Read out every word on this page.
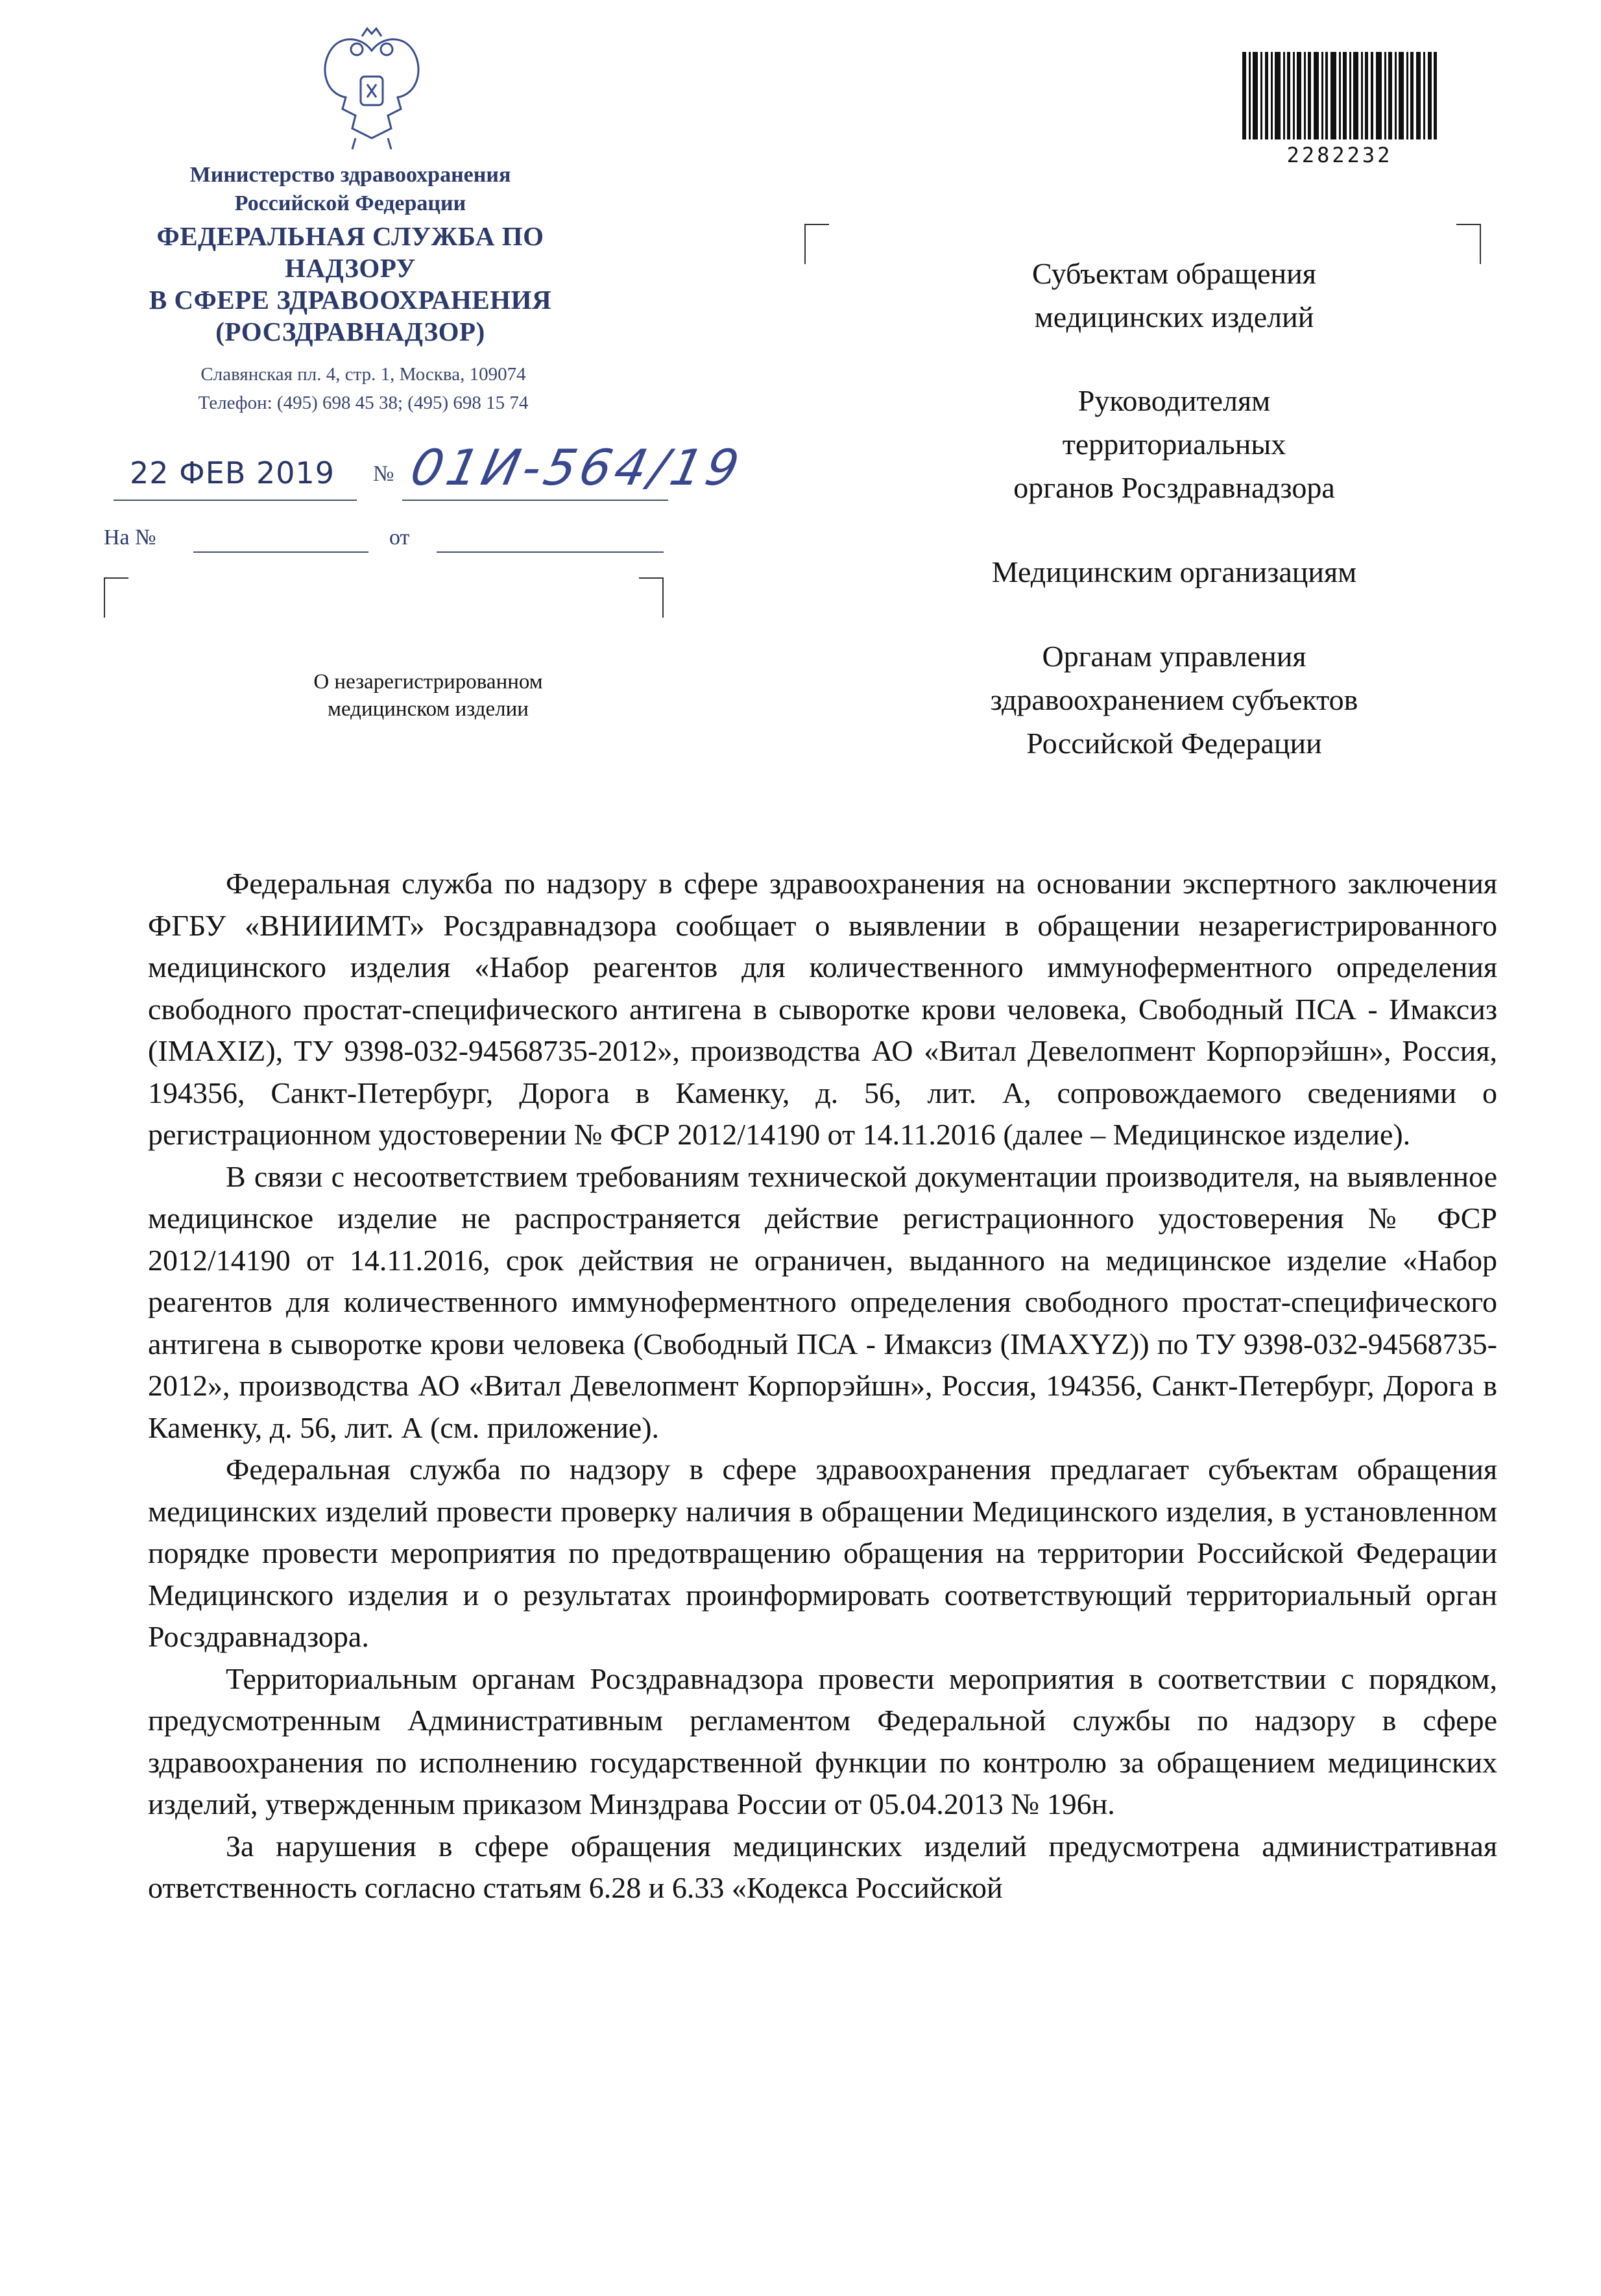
Министерство здравоохранения
Российской Федерации
ФЕДЕРАЛЬНАЯ СЛУЖБА ПО НАДЗОРУ
В СФЕРЕ ЗДРАВООХРАНЕНИЯ
(РОСЗДРАВНАДЗОР)
Славянская пл. 4, стр. 1, Москва, 109074
Телефон: (495) 698 45 38; (495) 698 15 74
22 ФЕВ 2019 № 01И-564/19
На №	от
О незарегистрированном
медицинском изделии
2282232
Субъектам обращения
медицинских изделий
Руководителям
территориальных
органов Росздравнадзора
Медицинским организациям
Органам управления
здравоохранением субъектов
Российской Федерации

Федеральная служба по надзору в сфере здравоохранения на основании экспертного заключения ФГБУ «ВНИИИМТ» Росздравнадзора сообщает о выявлении в обращении незарегистрированного медицинского изделия «Набор реагентов для количественного иммуноферментного определения свободного простат-специфического антигена в сыворотке крови человека, Свободный ПСА - Имаксиз (IMAXIZ), ТУ 9398-032-94568735-2012», производства АО «Витал Девелопмент Корпорэйшн», Россия, 194356, Санкт-Петербург, Дорога в Каменку, д. 56, лит. А, сопровождаемого сведениями о регистрационном удостоверении № ФСР 2012/14190 от 14.11.2016 (далее – Медицинское изделие).

В связи с несоответствием требованиям технической документации производителя, на выявленное медицинское изделие не распространяется действие регистрационного удостоверения № ФСР 2012/14190 от 14.11.2016, срок действия не ограничен, выданного на медицинское изделие «Набор реагентов для количественного иммуноферментного определения свободного простат-специфического антигена в сыворотке крови человека (Свободный ПСА - Имаксиз (IMAXYZ)) по ТУ 9398-032-94568735-2012», производства АО «Витал Девелопмент Корпорэйшн», Россия, 194356, Санкт-Петербург, Дорога в Каменку, д. 56, лит. А (см. приложение).

Федеральная служба по надзору в сфере здравоохранения предлагает субъектам обращения медицинских изделий провести проверку наличия в обращении Медицинского изделия, в установленном порядке провести мероприятия по предотвращению обращения на территории Российской Федерации Медицинского изделия и о результатах проинформировать соответствующий территориальный орган Росздравнадзора.

Территориальным органам Росздравнадзора провести мероприятия в соответствии с порядком, предусмотренным Административным регламентом Федеральной службы по надзору в сфере здравоохранения по исполнению государственной функции по контролю за обращением медицинских изделий, утвержденным приказом Минздрава России от 05.04.2013 № 196н.

За нарушения в сфере обращения медицинских изделий предусмотрена административная ответственность согласно статьям 6.28 и 6.33 «Кодекса Российской
